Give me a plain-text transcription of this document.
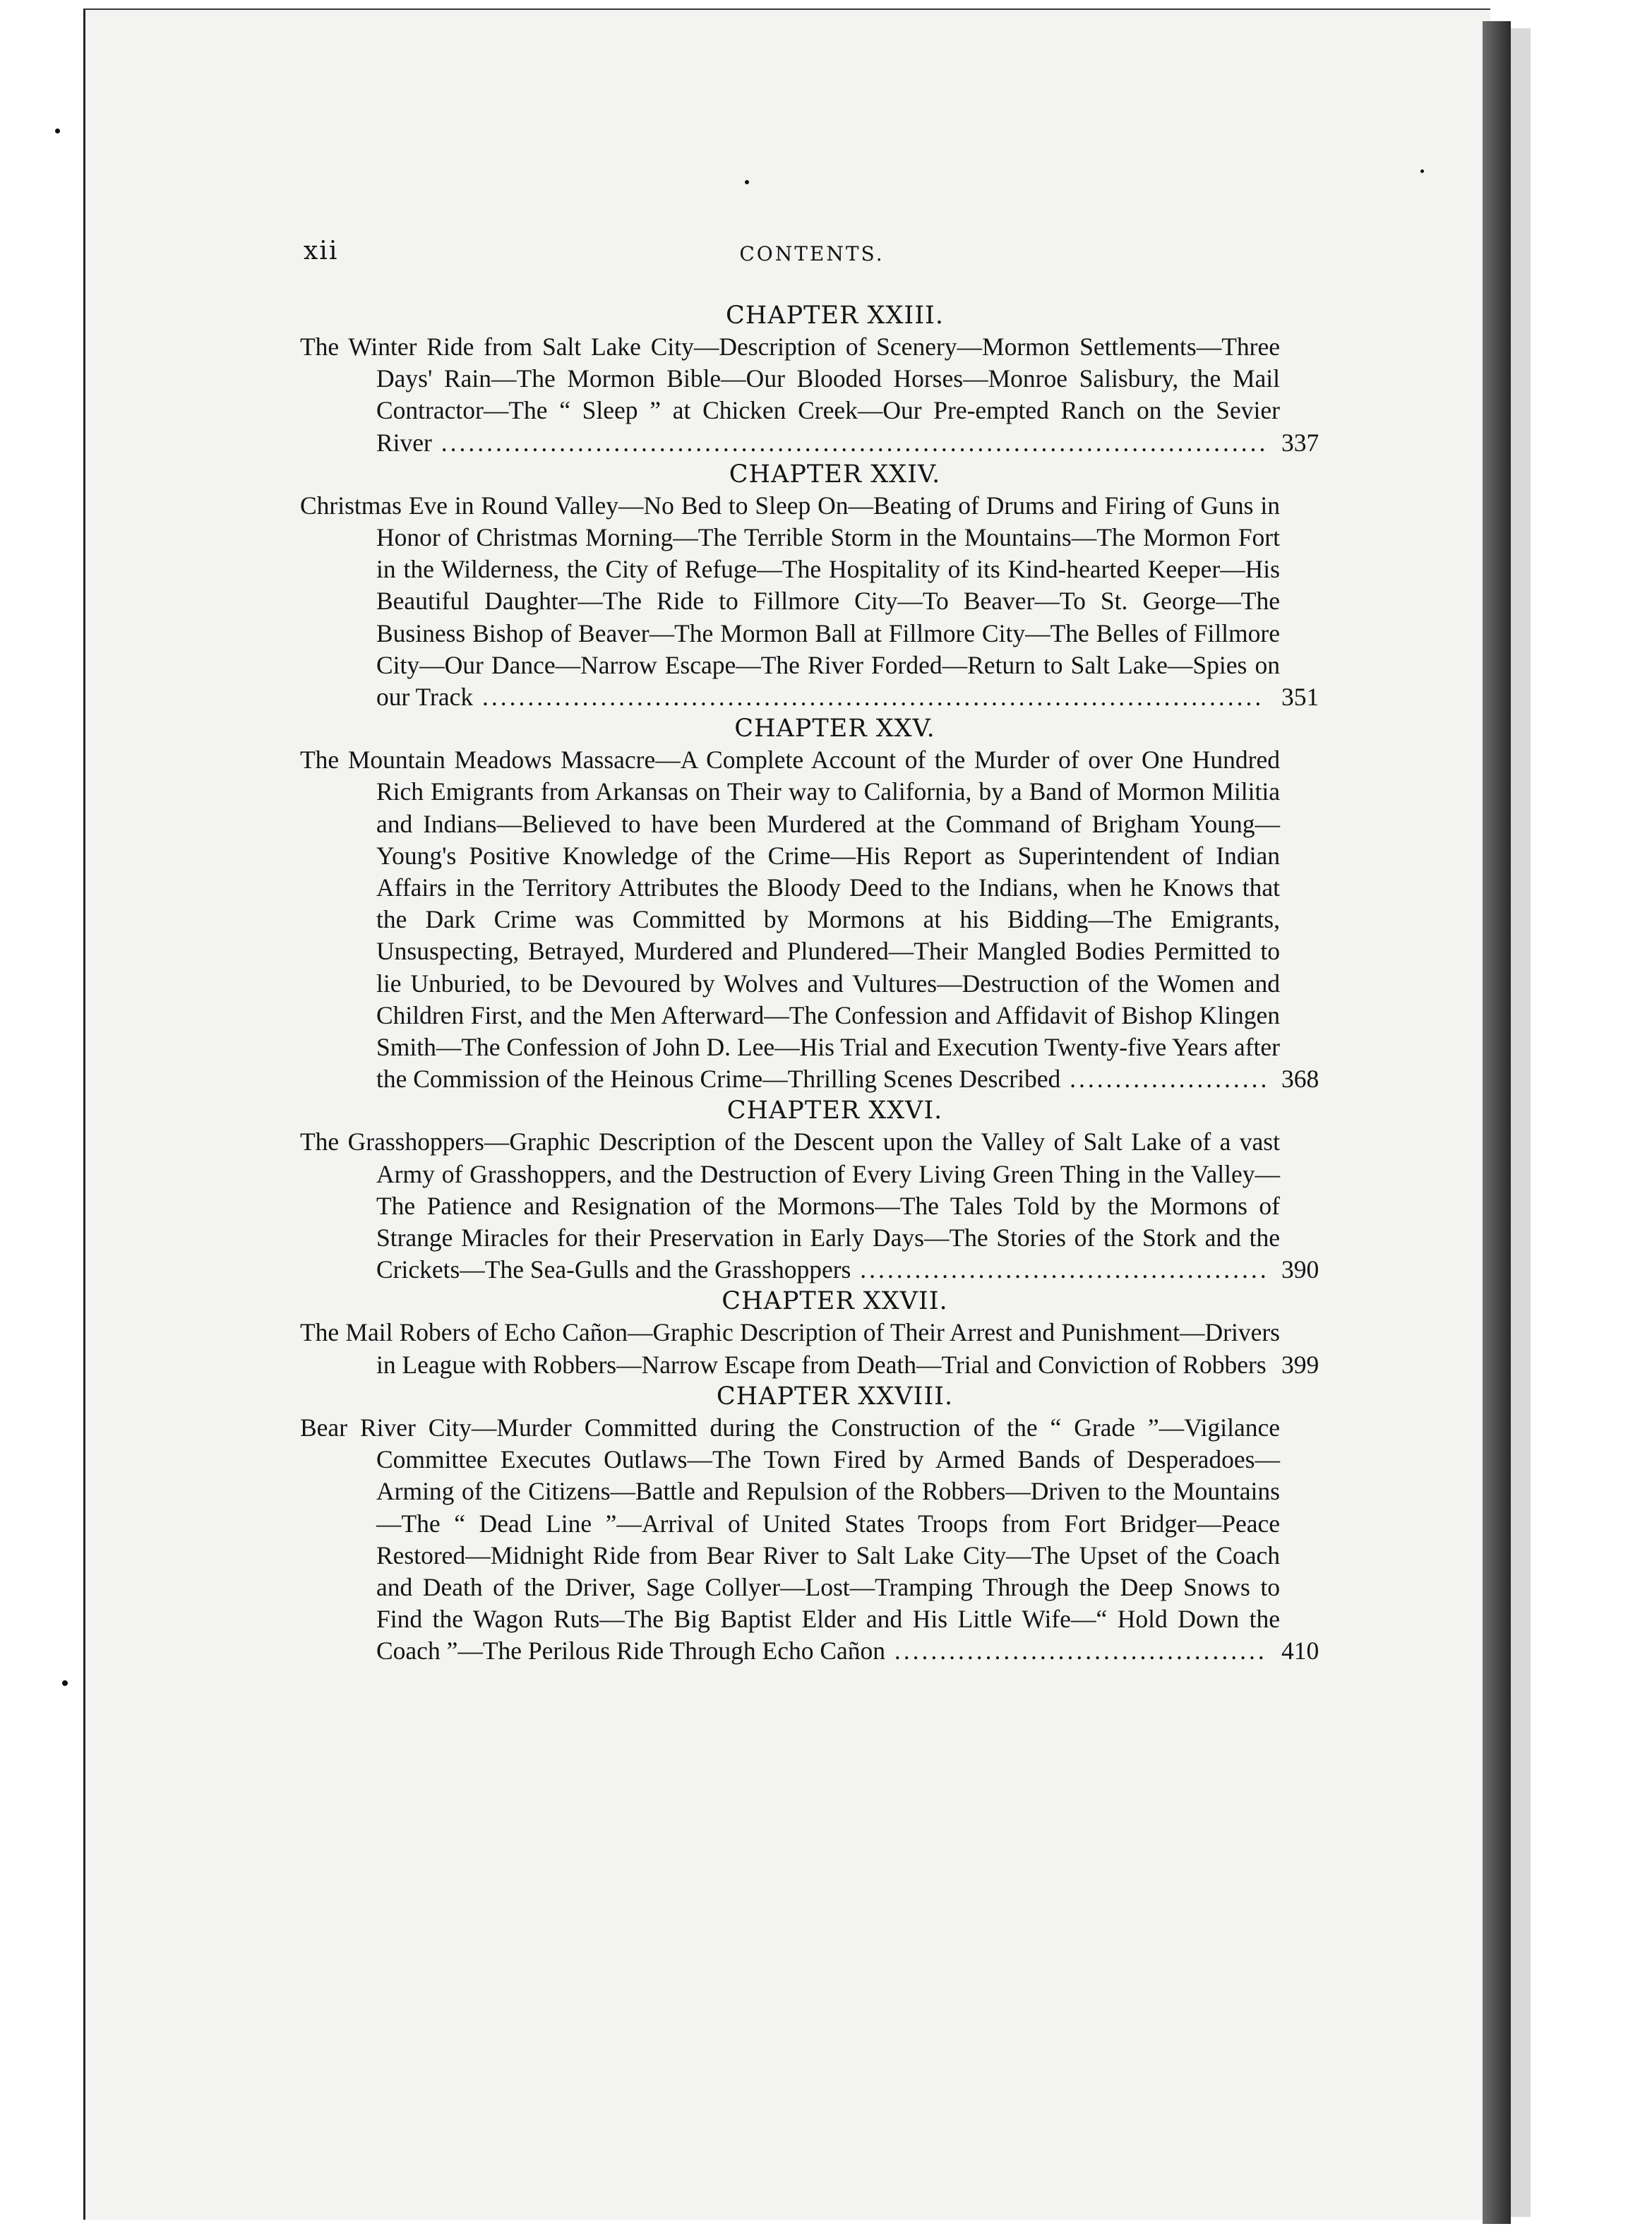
xii	CONTENTS.
CHAPTER XXIII.
The Winter Ride from Salt Lake City—Description of Scenery—Mormon Settlements—Three Days' Rain—The Mormon Bible—Our Blooded Horses—Monroe Salisbury, the Mail Contractor—The “ Sleep ” at Chicken Creek—Our Pre-empted Ranch on the Sevier River ........................................................................................... 337
CHAPTER XXIV.
Christmas Eve in Round Valley—No Bed to Sleep On—Beating of Drums and Firing of Guns in Honor of Christmas Morning—The Terrible Storm in the Mountains—The Mormon Fort in the Wilderness, the City of Refuge—The Hospitality of its Kind-hearted Keeper—His Beautiful Daughter—The Ride to Fillmore City—To Beaver—To St. George—The Business Bishop of Beaver—The Mormon Ball at Fillmore City—The Belles of Fillmore City—Our Dance—Narrow Escape—The River Forded—Return to Salt Lake—Spies on our Track ...................................................................................... 351
CHAPTER XXV.
The Mountain Meadows Massacre—A Complete Account of the Murder of over One Hundred Rich Emigrants from Arkansas on Their way to California, by a Band of Mormon Militia and Indians—Believed to have been Murdered at the Command of Brigham Young—Young's Positive Knowledge of the Crime—His Report as Superintendent of Indian Affairs in the Territory Attributes the Bloody Deed to the Indians, when he Knows that the Dark Crime was Committed by Mormons at his Bidding—The Emigrants, Unsuspecting, Betrayed, Murdered and Plundered—Their Mangled Bodies Permitted to lie Unburied, to be Devoured by Wolves and Vultures—Destruction of the Women and Children First, and the Men Afterward—The Confession and Affidavit of Bishop Klingen Smith—The Confession of John D. Lee—His Trial and Execution Twenty-five Years after the Commission of the Heinous Crime—Thrilling Scenes Described ...................... 368
CHAPTER XXVI.
The Grasshoppers—Graphic Description of the Descent upon the Valley of Salt Lake of a vast Army of Grasshoppers, and the Destruction of Every Living Green Thing in the Valley—The Patience and Resignation of the Mormons—The Tales Told by the Mormons of Strange Miracles for their Preservation in Early Days—The Stories of the Stork and the Crickets—The Sea-Gulls and the Grasshoppers ............................................. 390
CHAPTER XXVII.
The Mail Robers of Echo Cañon—Graphic Description of Their Arrest and Punishment—Drivers in League with Robbers—Narrow Escape from Death—Trial and Conviction of Robbers 399
CHAPTER XXVIII.
Bear River City—Murder Committed during the Construction of the “ Grade ”—Vigilance Committee Executes Outlaws—The Town Fired by Armed Bands of Desperadoes—Arming of the Citizens—Battle and Repulsion of the Robbers—Driven to the Mountains—The “ Dead Line ”—Arrival of United States Troops from Fort Bridger—Peace Restored—Midnight Ride from Bear River to Salt Lake City—The Upset of the Coach and Death of the Driver, Sage Collyer—Lost—Tramping Through the Deep Snows to Find the Wagon Ruts—The Big Baptist Elder and His Little Wife—“ Hold Down the Coach ”—The Perilous Ride Through Echo Cañon ......................................... 410
